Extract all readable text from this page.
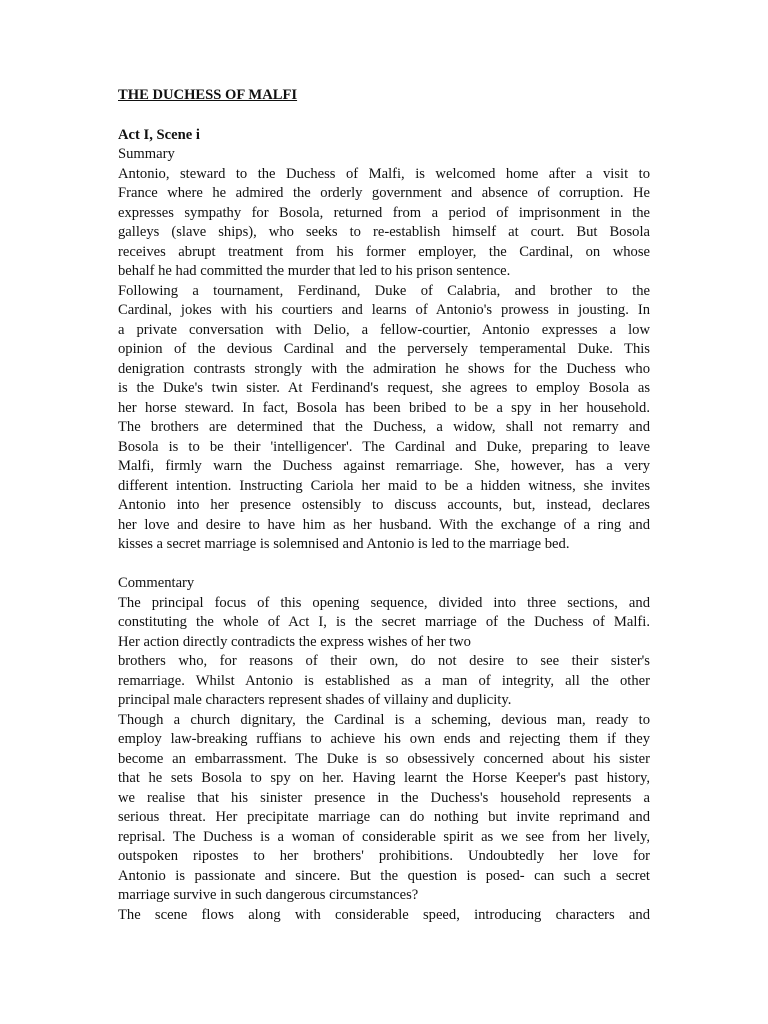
THE DUCHESS OF MALFI
Act I, Scene i
Summary
Antonio, steward to the Duchess of Malfi, is welcomed home after a visit to
France where he admired the orderly government and absence of corruption. He
expresses sympathy for Bosola, returned from a period of imprisonment in the
galleys (slave ships), who seeks to re-establish himself at court. But Bosola
receives abrupt treatment from his former employer, the Cardinal, on whose
behalf he had committed the murder that led to his prison sentence.
Following a tournament, Ferdinand, Duke of Calabria, and brother to the
Cardinal, jokes with his courtiers and learns of Antonio's prowess in jousting. In
a private conversation with Delio, a fellow-courtier, Antonio expresses a low
opinion of the devious Cardinal and the perversely temperamental Duke. This
denigration contrasts strongly with the admiration he shows for the Duchess who
is the Duke's twin sister. At Ferdinand's request, she agrees to employ Bosola as
her horse steward. In fact, Bosola has been bribed to be a spy in her household.
The brothers are determined that the Duchess, a widow, shall not remarry and
Bosola is to be their 'intelligencer'. The Cardinal and Duke, preparing to leave
Malfi, firmly warn the Duchess against remarriage. She, however, has a very
different intention. Instructing Cariola her maid to be a hidden witness, she invites
Antonio into her presence ostensibly to discuss accounts, but, instead, declares
her love and desire to have him as her husband. With the exchange of a ring and
kisses a secret marriage is solemnised and Antonio is led to the marriage bed.
Commentary
The principal focus of this opening sequence, divided into three sections, and
constituting the whole of Act I, is the secret marriage of the Duchess of Malfi.
Her action directly contradicts the express wishes of her two
brothers who, for reasons of their own, do not desire to see their sister's
remarriage. Whilst Antonio is established as a man of integrity, all the other
principal male characters represent shades of villainy and duplicity.
Though a church dignitary, the Cardinal is a scheming, devious man, ready to
employ law-breaking ruffians to achieve his own ends and rejecting them if they
become an embarrassment. The Duke is so obsessively concerned about his sister
that he sets Bosola to spy on her. Having learnt the Horse Keeper's past history,
we realise that his sinister presence in the Duchess's household represents a
serious threat. Her precipitate marriage can do nothing but invite reprimand and
reprisal. The Duchess is a woman of considerable spirit as we see from her lively,
outspoken ripostes to her brothers' prohibitions. Undoubtedly her love for
Antonio is passionate and sincere. But the question is posed- can such a secret
marriage survive in such dangerous circumstances?
The scene flows along with considerable speed, introducing characters and
